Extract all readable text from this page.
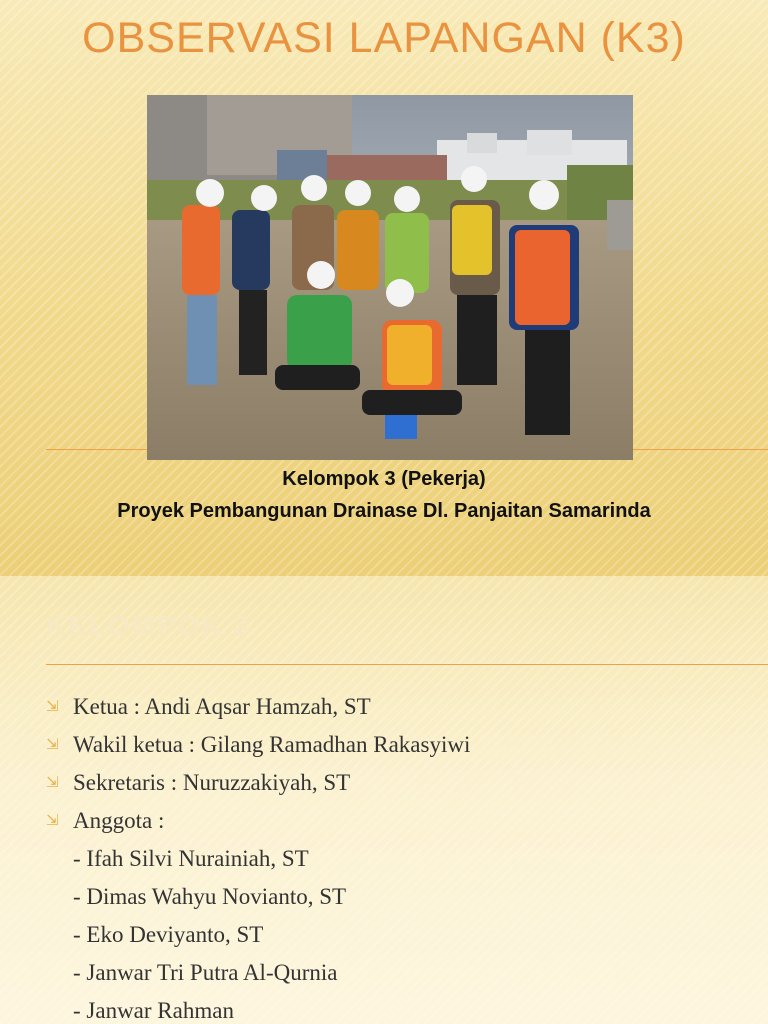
OBSERVASI LAPANGAN (K3)
Kelompok 3 (Pekerja)
Proyek Pembangunan Drainase Dl. Panjaitan Samarinda
KELOMPOK 3
⇲ Ketua : Andi Aqsar Hamzah, ST
⇲ Wakil ketua : Gilang Ramadhan Rakasyiwi
⇲ Sekretaris : Nuruzzakiyah, ST
⇲ Anggota :
- Ifah Silvi Nurainiah, ST
- Dimas Wahyu Novianto, ST
- Eko Deviyanto, ST
- Janwar Tri Putra Al-Qurnia
- Janwar Rahman
